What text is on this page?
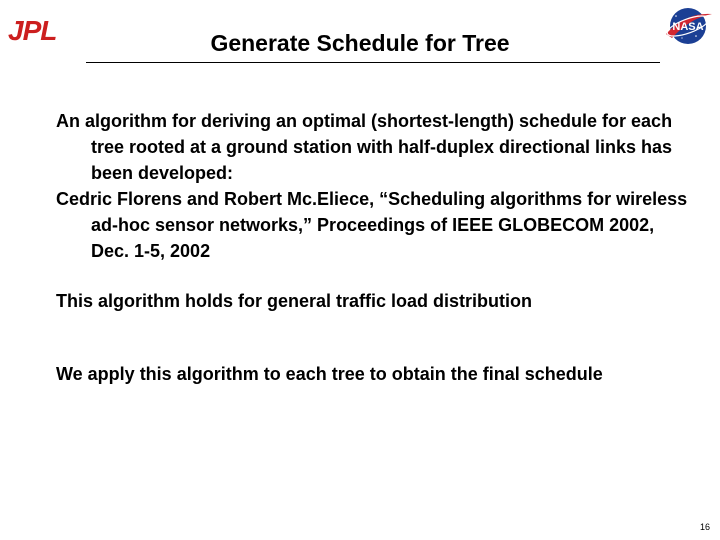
JPL	NASA
Generate Schedule for Tree
An algorithm for deriving an optimal (shortest-length) schedule for each tree rooted at a ground station with half-duplex directional links has been developed:
Cedric Florens and Robert Mc.Eliece, “Scheduling algorithms for wireless ad-hoc sensor networks,” Proceedings of IEEE GLOBECOM 2002, Dec. 1-5, 2002
This algorithm holds for general traffic load distribution
We apply this algorithm to each tree to obtain the final schedule
16
